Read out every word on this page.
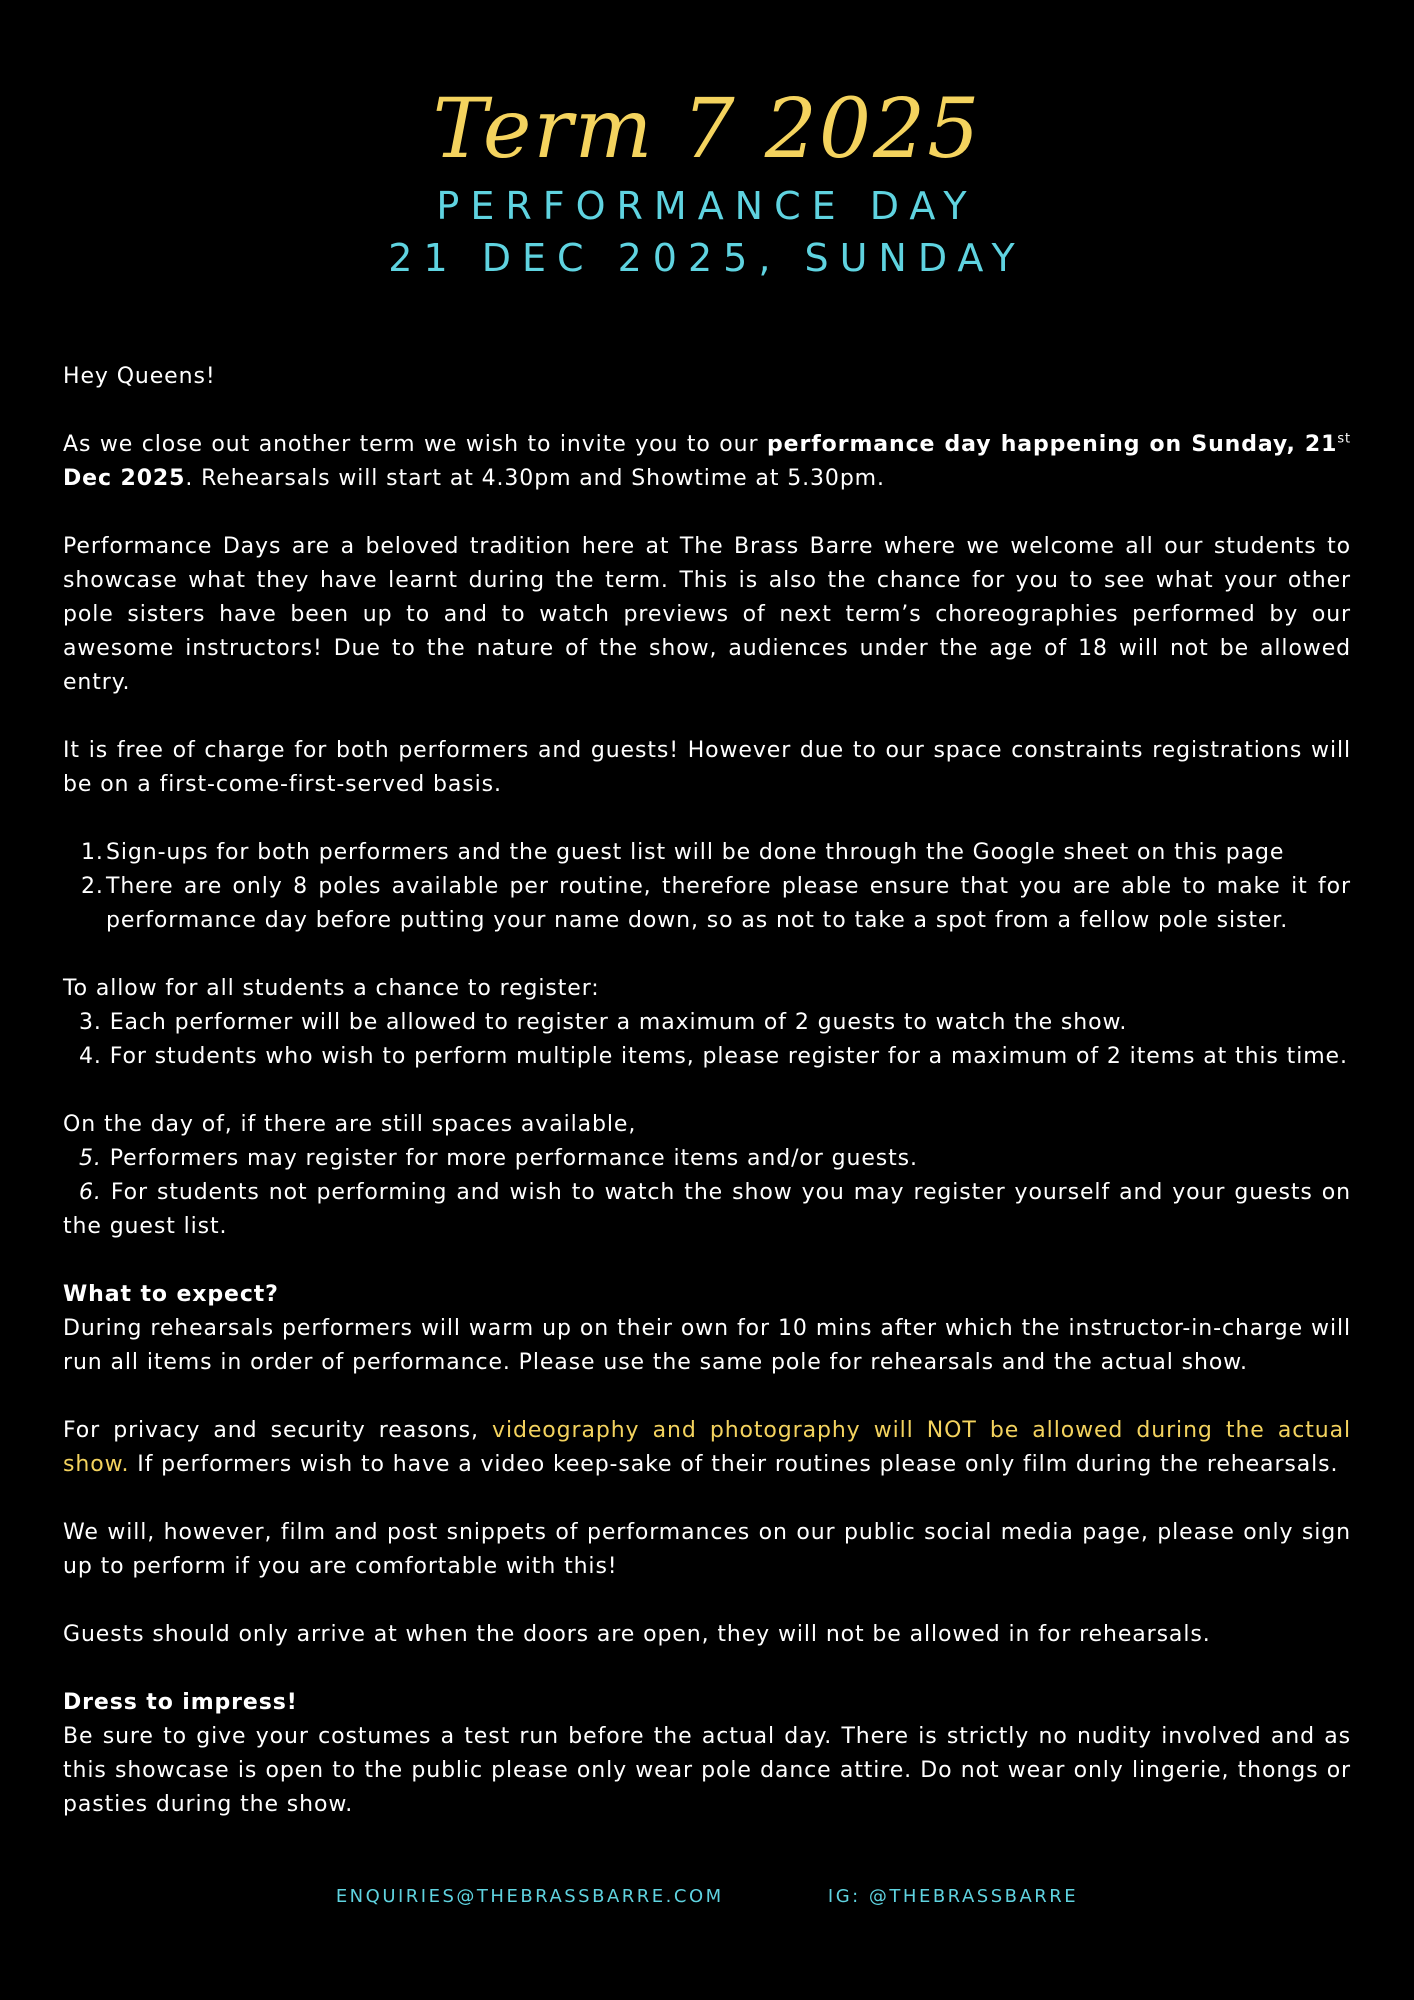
Term 7 2025
PERFORMANCE DAY
21 DEC 2025, SUNDAY

Hey Queens!

As we close out another term we wish to invite you to our performance day happening on Sunday, 21st Dec 2025. Rehearsals will start at 4.30pm and Showtime at 5.30pm.

Performance Days are a beloved tradition here at The Brass Barre where we welcome all our students to showcase what they have learnt during the term. This is also the chance for you to see what your other pole sisters have been up to and to watch previews of next term’s choreographies performed by our awesome instructors! Due to the nature of the show, audiences under the age of 18 will not be allowed entry.

It is free of charge for both performers and guests! However due to our space constraints registrations will be on a first-come-first-served basis.

1. Sign-ups for both performers and the guest list will be done through the Google sheet on this page
2. There are only 8 poles available per routine, therefore please ensure that you are able to make it for performance day before putting your name down, so as not to take a spot from a fellow pole sister.
To allow for all students a chance to register:
3. Each performer will be allowed to register a maximum of 2 guests to watch the show.
4. For students who wish to perform multiple items, please register for a maximum of 2 items at this time.
On the day of, if there are still spaces available,
5. Performers may register for more performance items and/or guests.
6. For students not performing and wish to watch the show you may register yourself and your guests on the guest list.
What to expect?
During rehearsals performers will warm up on their own for 10 mins after which the instructor-in-charge will run all items in order of performance. Please use the same pole for rehearsals and the actual show.

For privacy and security reasons, videography and photography will NOT be allowed during the actual show. If performers wish to have a video keep-sake of their routines please only film during the rehearsals.

We will, however, film and post snippets of performances on our public social media page, please only sign up to perform if you are comfortable with this!

Guests should only arrive at when the doors are open, they will not be allowed in for rehearsals.

Dress to impress!
Be sure to give your costumes a test run before the actual day. There is strictly no nudity involved and as this showcase is open to the public please only wear pole dance attire. Do not wear only lingerie, thongs or pasties during the show.
ENQUIRIES@THEBRASSBARRE.COM	IG: @THEBRASSBARRE
